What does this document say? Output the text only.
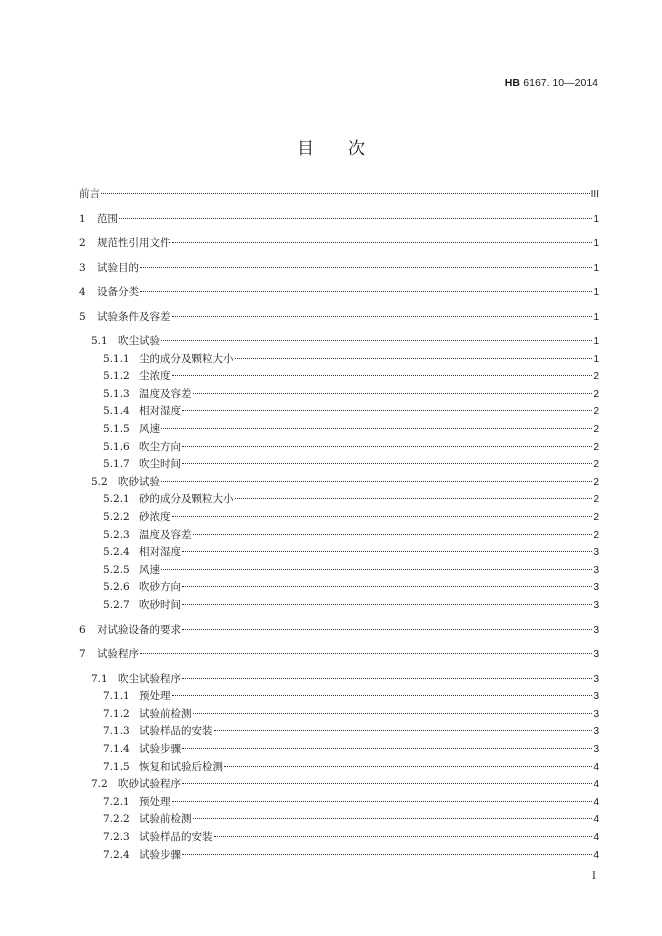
HB 6167. 10—2014
目次
前言	III
1	范围	1
2	规范性引用文件	1
3	试验目的	1
4	设备分类	1
5	试验条件及容差	1
5.1 吹尘试验	1
5.1.1 尘的成分及颗粒大小	1
5.1.2 尘浓度	2
5.1.3 温度及容差	2
5.1.4 相对湿度	2
5.1.5 风速	2
5.1.6 吹尘方向	2
5.1.7 吹尘时间	2
5.2 吹砂试验	2
5.2.1 砂的成分及颗粒大小	2
5.2.2 砂浓度	2
5.2.3 温度及容差	2
5.2.4 相对湿度	3
5.2.5 风速	3
5.2.6 吹砂方向	3
5.2.7 吹砂时间	3
6	对试验设备的要求	3
7	试验程序	3
7.1 吹尘试验程序	3
7.1.1 预处理	3
7.1.2 试验前检测	3
7.1.3 试验样品的安装	3
7.1.4 试验步骤	3
7.1.5 恢复和试验后检测	4
7.2 吹砂试验程序	4
7.2.1 预处理	4
7.2.2 试验前检测	4
7.2.3 试验样品的安装	4
7.2.4 试验步骤	4
I
